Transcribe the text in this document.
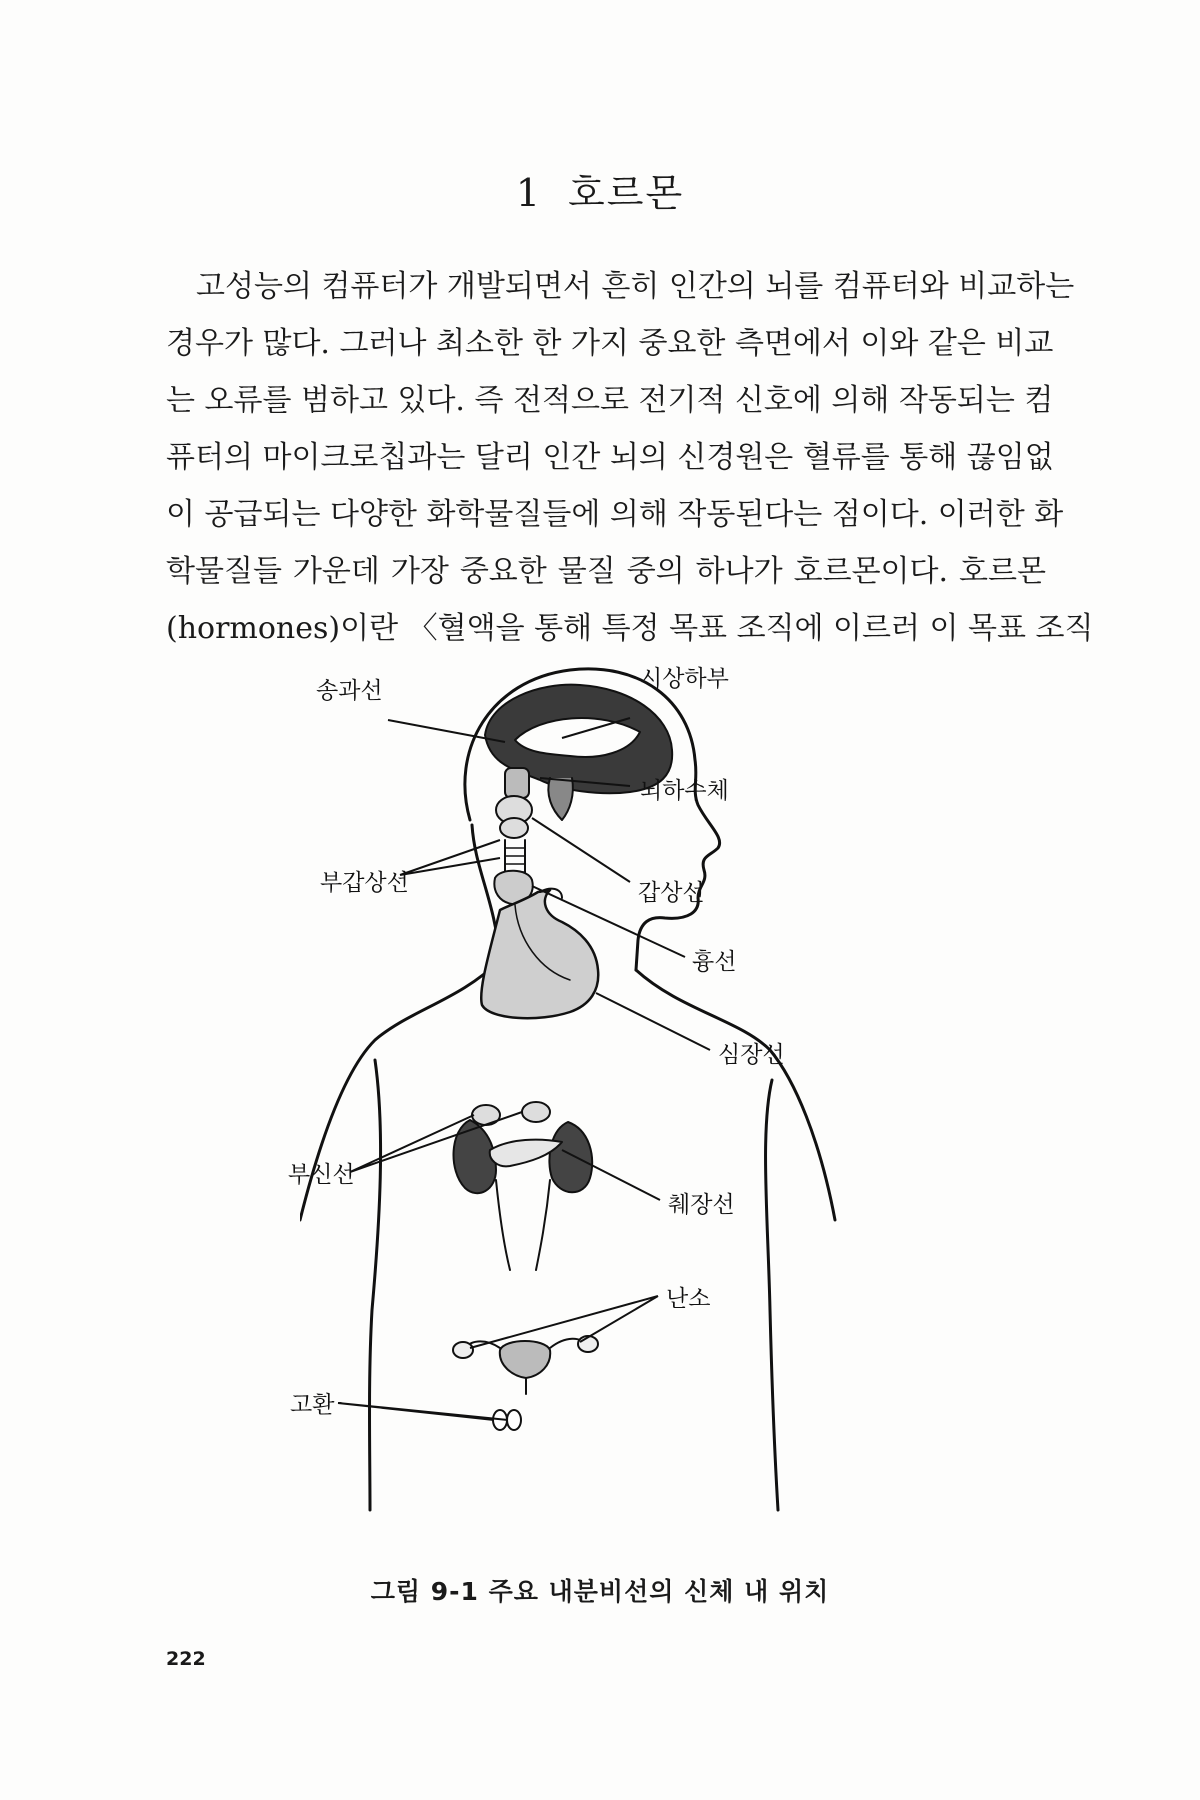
1 호르몬
고성능의 컴퓨터가 개발되면서 흔히 인간의 뇌를 컴퓨터와 비교하는
경우가 많다. 그러나 최소한 한 가지 중요한 측면에서 이와 같은 비교
는 오류를 범하고 있다. 즉 전적으로 전기적 신호에 의해 작동되는 컴
퓨터의 마이크로칩과는 달리 인간 뇌의 신경원은 혈류를 통해 끊임없
이 공급되는 다양한 화학물질들에 의해 작동된다는 점이다. 이러한 화
학물질들 가운데 가장 중요한 물질 중의 하나가 호르몬이다. 호르몬
(hormones)이란 〈혈액을 통해 특정 목표 조직에 이르러 이 목표 조직
송과선	시상하부
뇌하수체
부갑상선	갑상선
흉선
심장선
부신선
췌장선
난소
고환
그림 9-1 주요 내분비선의 신체 내 위치
222
